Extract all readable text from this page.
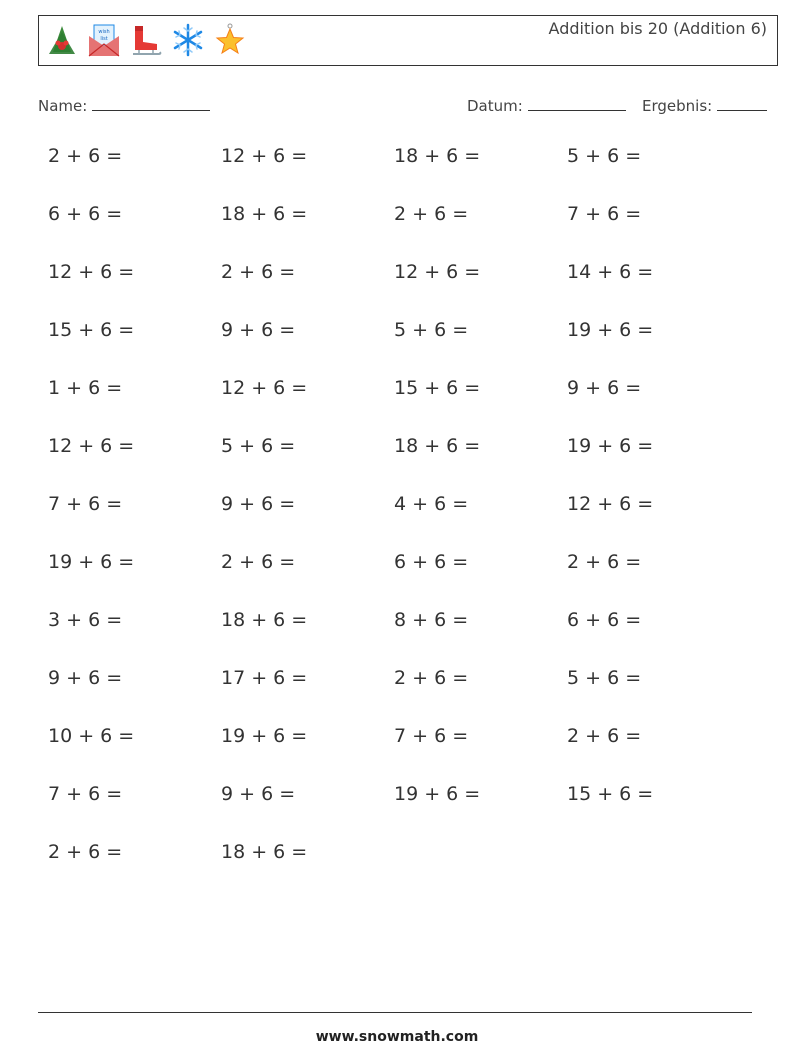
wish
list
Addition bis 20 (Addition 6)
Name:	Datum:	Ergebnis:
2 + 6 =	12 + 6 =	18 + 6 =	5 + 6 =
6 + 6 =	18 + 6 =	2 + 6 =	7 + 6 =
12 + 6 =	2 + 6 =	12 + 6 =	14 + 6 =
15 + 6 =	9 + 6 =	5 + 6 =	19 + 6 =
1 + 6 =	12 + 6 =	15 + 6 =	9 + 6 =
12 + 6 =	5 + 6 =	18 + 6 =	19 + 6 =
7 + 6 =	9 + 6 =	4 + 6 =	12 + 6 =
19 + 6 =	2 + 6 =	6 + 6 =	2 + 6 =
3 + 6 =	18 + 6 =	8 + 6 =	6 + 6 =
9 + 6 =	17 + 6 =	2 + 6 =	5 + 6 =
10 + 6 =	19 + 6 =	7 + 6 =	2 + 6 =
7 + 6 =	9 + 6 =	19 + 6 =	15 + 6 =
2 + 6 =	18 + 6 =
www.snowmath.com
